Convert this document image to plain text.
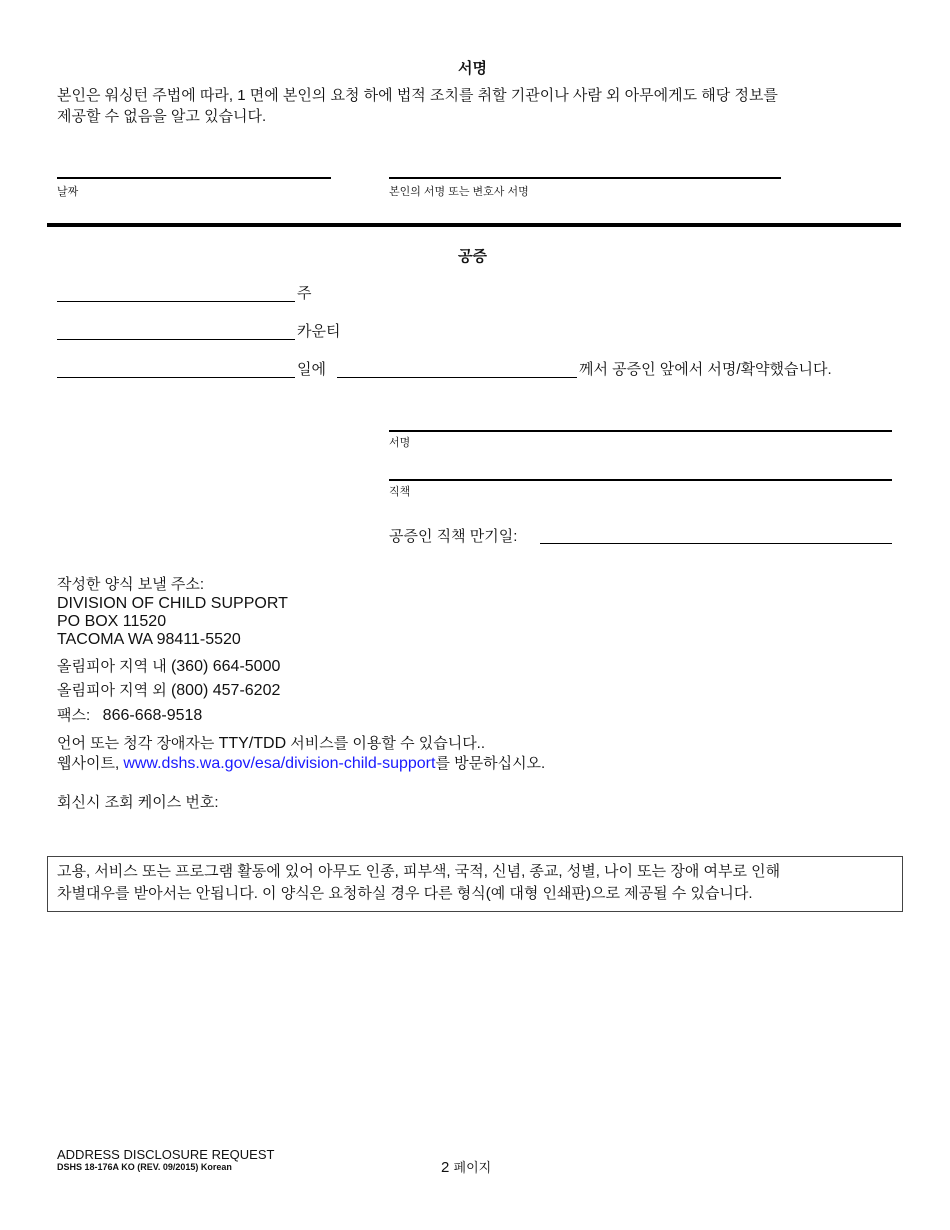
서명
본인은 워싱턴 주법에 따라, 1 면에 본인의 요청 하에 법적 조치를 취할 기관이나 사람 외 아무에게도 해당 정보를
제공할 수 없음을 알고 있습니다.
날짜	본인의 서명 또는 변호사 서명
공증
주
카운티
일에	께서 공증인 앞에서 서명/확약했습니다.
서명
직책
공증인 직책 만기일:
작성한 양식 보낼 주소:
DIVISION OF CHILD SUPPORT
PO BOX 11520
TACOMA WA 98411-5520
올림피아 지역 내 (360) 664-5000
올림피아 지역 외 (800) 457-6202
팩스: 866-668-9518
언어 또는 청각 장애자는 TTY/TDD 서비스를 이용할 수 있습니다..
웹사이트, www.dshs.wa.gov/esa/division-child-support를 방문하십시오.
회신시 조회 케이스 번호:
고용, 서비스 또는 프로그램 활동에 있어 아무도 인종, 피부색, 국적, 신념, 종교, 성별, 나이 또는 장애 여부로 인해
차별대우를 받아서는 안됩니다. 이 양식은 요청하실 경우 다른 형식(예 대형 인쇄판)으로 제공될 수 있습니다.
ADDRESS DISCLOSURE REQUEST
DSHS 18-176A KO (REV. 09/2015) Korean	2 페이지
